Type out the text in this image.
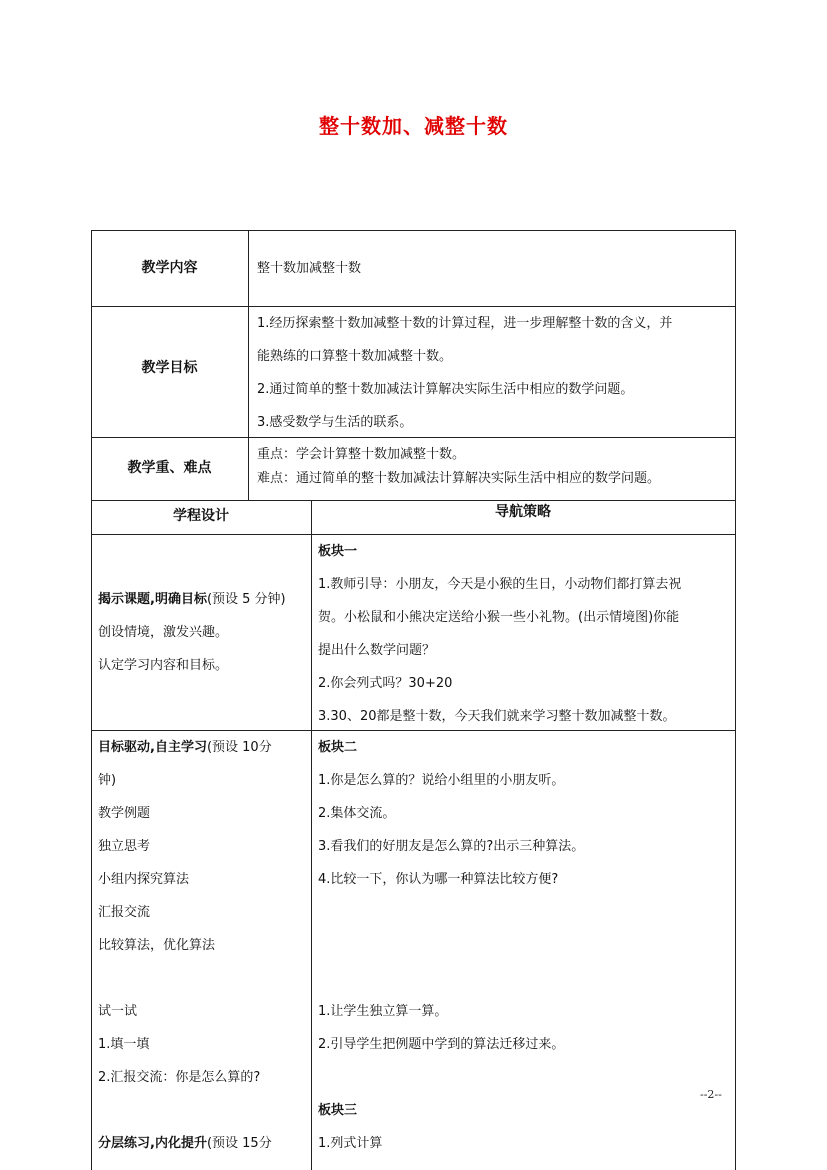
整十数加、减整十数
教学内容	整十数加减整十数
教学目标
1.经历探索整十数加减整十数的计算过程，进一步理解整十数的含义，并
能熟练的口算整十数加减整十数。
2.通过简单的整十数加减法计算解决实际生活中相应的数学问题。
3.感受数学与生活的联系。
教学重、难点
重点：学会计算整十数加减整十数。
难点：通过简单的整十数加减法计算解决实际生活中相应的数学问题。
学程设计	导航策略
揭示课题,明确目标(预设 5 分钟)
创设情境，激发兴趣。
认定学习内容和目标。
板块一
1.教师引导：小朋友，今天是小猴的生日，小动物们都打算去祝
贺。小松鼠和小熊决定送给小猴一些小礼物。(出示情境图)你能
提出什么数学问题？
2.你会列式吗？30+20
3.30、20都是整十数，今天我们就来学习整十数加减整十数。
目标驱动,自主学习(预设 10分
钟)
教学例题
独立思考
小组内探究算法
汇报交流
比较算法，优化算法
试一试
1.填一填
2.汇报交流：你是怎么算的?
分层练习,内化提升(预设 15分
板块二
1.你是怎么算的？说给小组里的小朋友听。
2.集体交流。
3.看我们的好朋友是怎么算的?出示三种算法。
4.比较一下，你认为哪一种算法比较方便?
1.让学生独立算一算。
2.引导学生把例题中学到的算法迁移过来。
板块三
1.列式计算
--2--
